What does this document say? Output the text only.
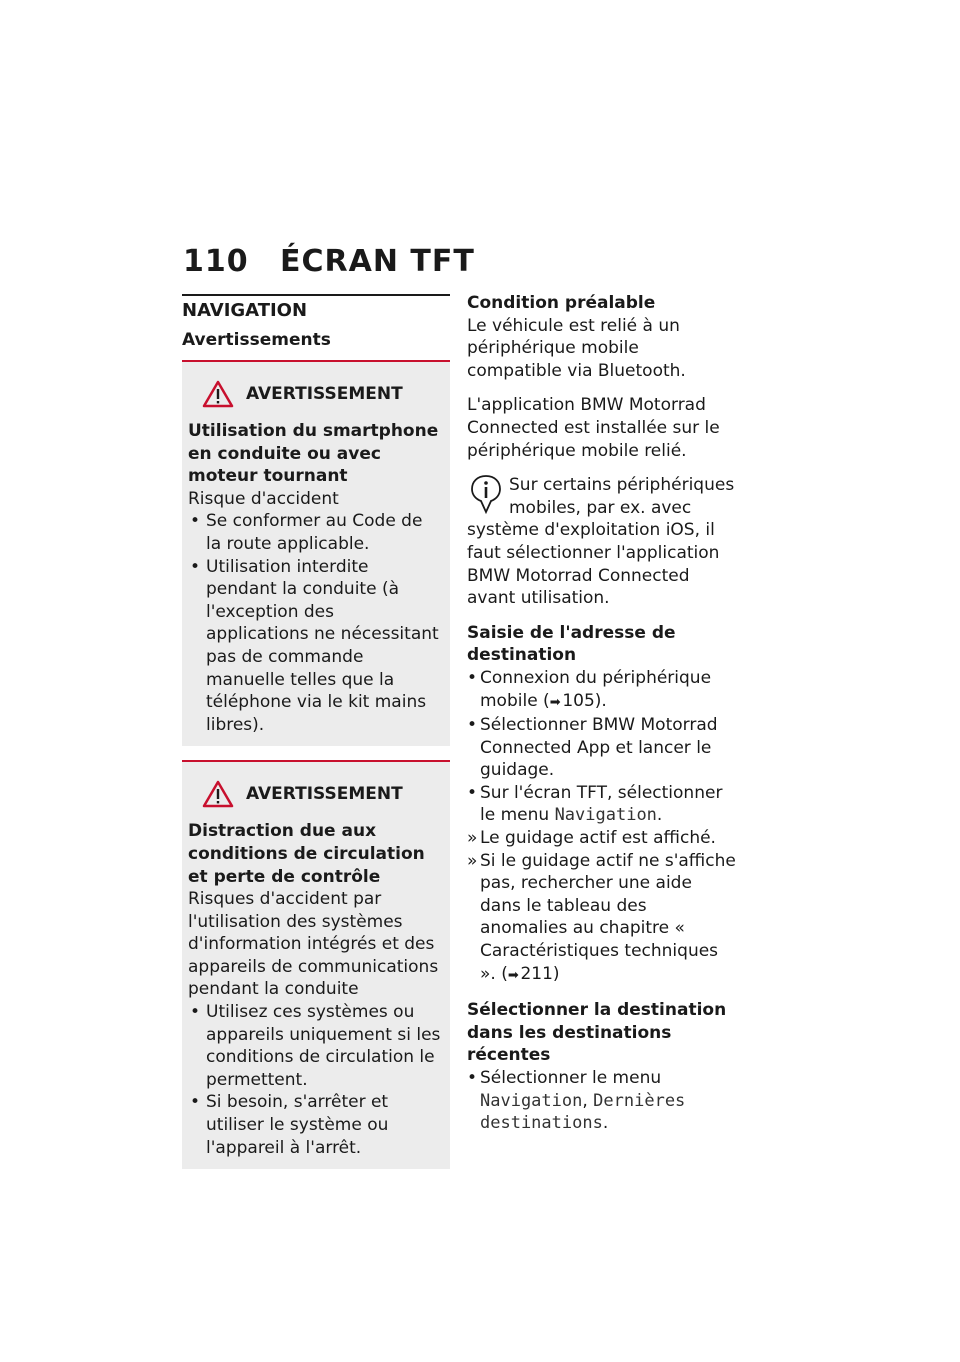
110 ÉCRAN TFT
NAVIGATION
Avertissements
AVERTISSEMENT
Utilisation du smartphone en conduite ou avec moteur tournant
Risque d'accident
• Se conformer au Code de la route applicable.
• Utilisation interdite pendant la conduite (à l'exception des applications ne nécessitant pas de commande manuelle telles que la téléphone via le kit mains libres).
AVERTISSEMENT
Distraction due aux conditions de circulation et perte de contrôle
Risques d'accident par l'utilisation des systèmes d'information intégrés et des appareils de communications pendant la conduite
• Utilisez ces systèmes ou appareils uniquement si les conditions de circulation le permettent.
• Si besoin, s'arrêter et utiliser le système ou l'appareil à l'arrêt.
Condition préalable

Le véhicule est relié à un périphérique mobile compatible via Bluetooth.

L'application BMW Motorrad Connected est installée sur le périphérique mobile relié.

Sur certains périphériques mobiles, par ex. avec système d'exploitation iOS, il faut sélectionner l'application BMW Motorrad Connected avant utilisation.
Saisie de l'adresse de destination
• Connexion du périphérique mobile (➡  105).
• Sélectionner BMW Motorrad Connected App et lancer le guidage.
• Sur l'écran TFT, sélectionner le menu Navigation.
» Le guidage actif est affiché.
» Si le guidage actif ne s'affiche pas, rechercher une aide dans le tableau des anomalies au chapitre « Caractéristiques techniques ». (➡  211)
Sélectionner la destination dans les destinations récentes
• Sélectionner le menu Navigation, Dernières destinations.
